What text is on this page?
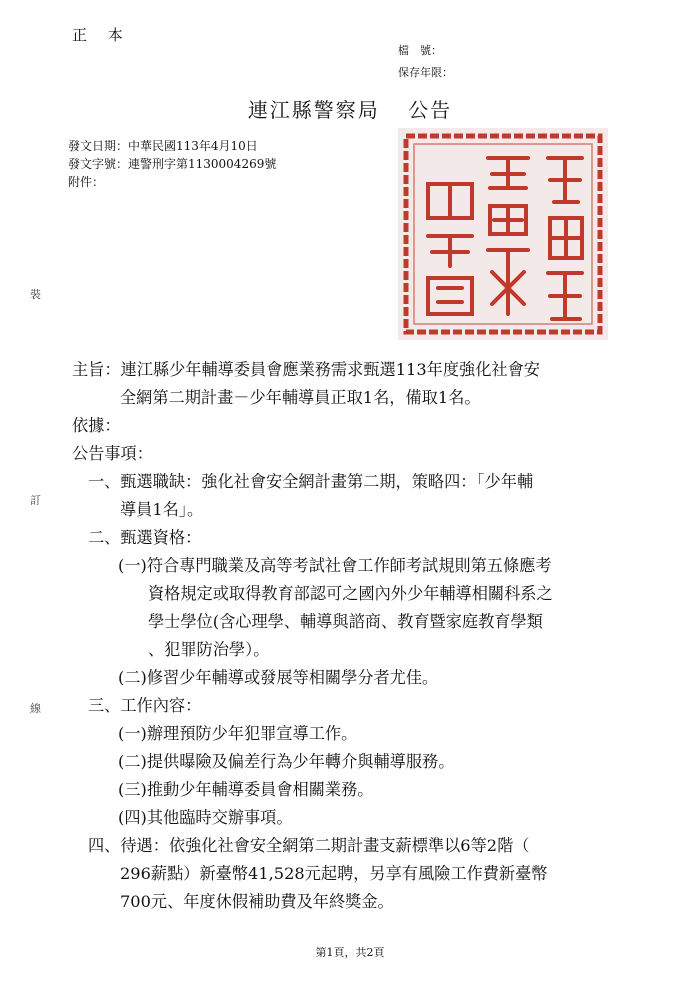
正 本
檔　號：
保存年限：
連江縣警察局 公告
發文日期：中華民國113年4月10日
發文字號：連警刑字第1130004269號
附件：
裝
訂
線
主旨：連江縣少年輔導委員會應業務需求甄選113年度強化社會安
全網第二期計畫－少年輔導員正取1名，備取1名。
依據：
公告事項：
一、甄選職缺：強化社會安全網計畫第二期，策略四：「少年輔
導員1名」。
二、甄選資格：
(一)符合專門職業及高等考試社會工作師考試規則第五條應考
資格規定或取得教育部認可之國內外少年輔導相關科系之
學士學位(含心理學、輔導與諮商、教育暨家庭教育學類
、犯罪防治學）。
(二)修習少年輔導或發展等相關學分者尤佳。
三、工作內容：
(一)辦理預防少年犯罪宣導工作。
(二)提供曝險及偏差行為少年轉介與輔導服務。
(三)推動少年輔導委員會相關業務。
(四)其他臨時交辦事項。
四、待遇：依強化社會安全網第二期計畫支薪標準以6等2階（
296薪點）新臺幣41,528元起聘，另享有風險工作費新臺幣
700元、年度休假補助費及年終獎金。
第1頁，共2頁
